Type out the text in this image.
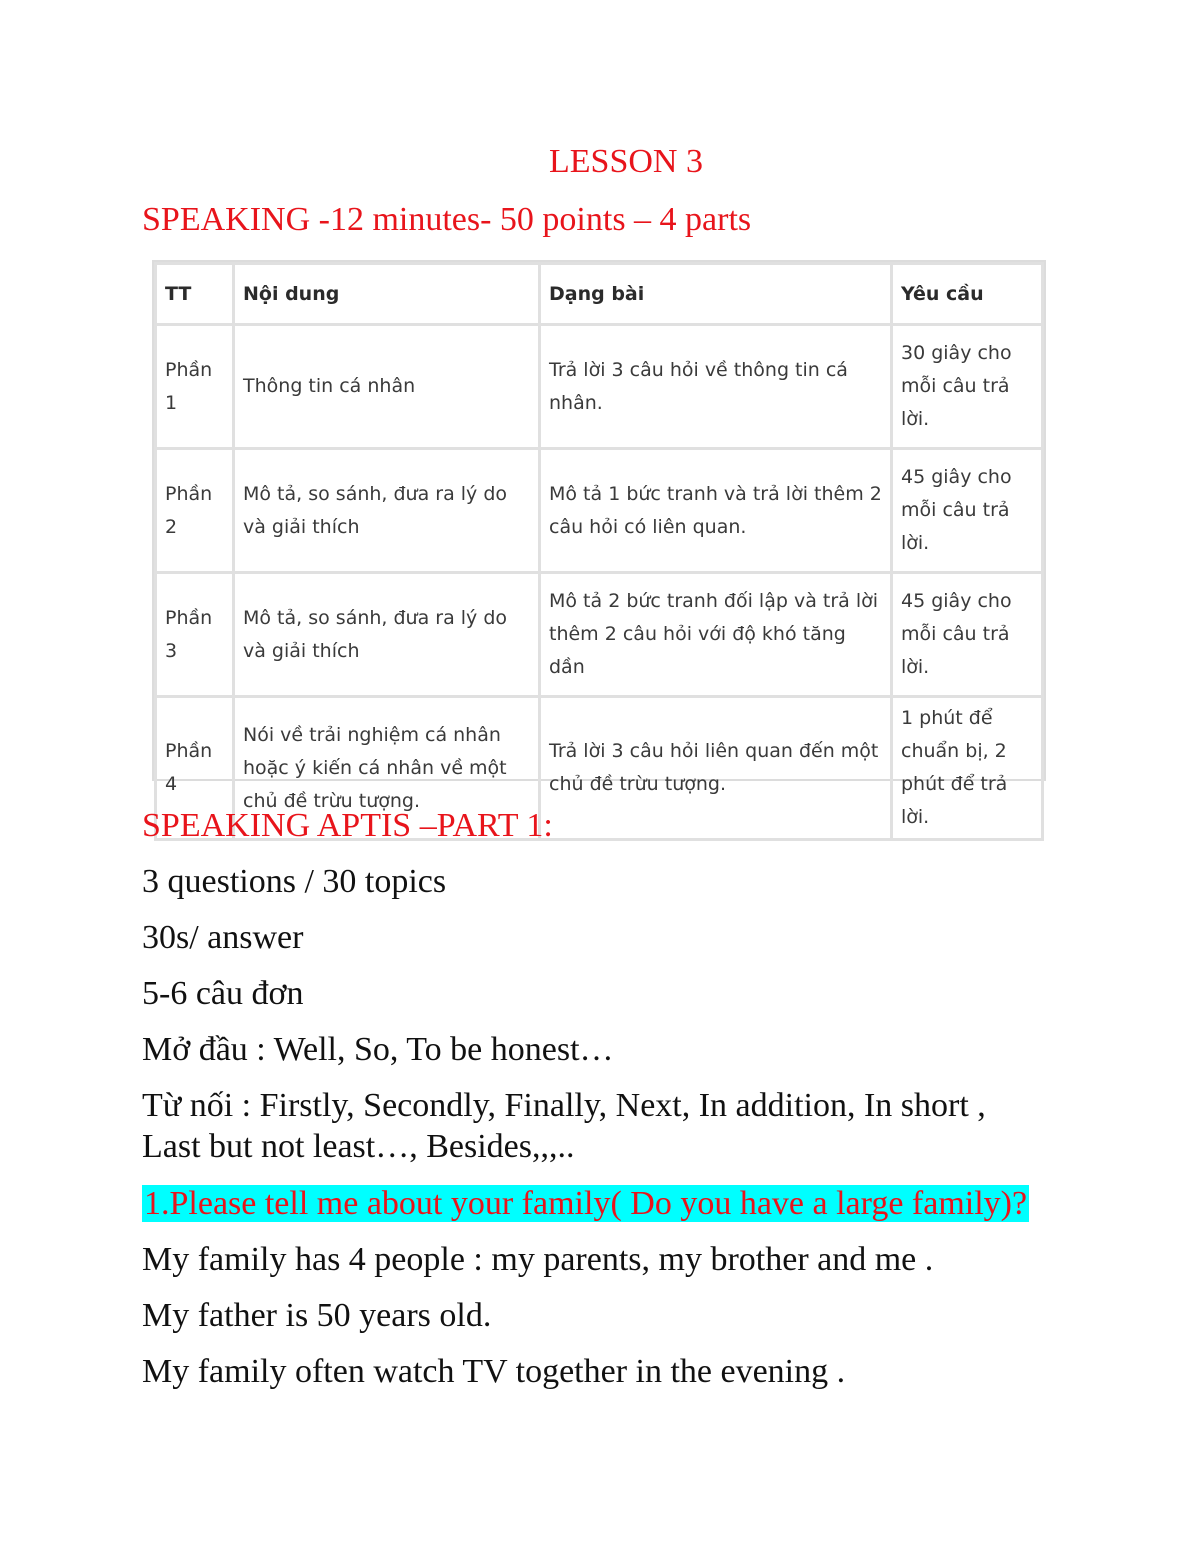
LESSON 3
SPEAKING -12 minutes- 50 points – 4 parts
TT	Nội dung	Dạng bài	Yêu cầu
Phần 1	Thông tin cá nhân	Trả lời 3 câu hỏi về thông tin cá nhân.	30 giây cho mỗi câu trả lời.
Phần 2	Mô tả, so sánh, đưa ra lý do và giải thích	Mô tả 1 bức tranh và trả lời thêm 2 câu hỏi có liên quan.	45 giây cho mỗi câu trả lời.
Phần 3	Mô tả, so sánh, đưa ra lý do và giải thích	Mô tả 2 bức tranh đối lập và trả lời thêm 2 câu hỏi với độ khó tăng dần	45 giây cho mỗi câu trả lời.
Phần 4	Nói về trải nghiệm cá nhân hoặc ý kiến cá nhân về một chủ đề trừu tượng.	Trả lời 3 câu hỏi liên quan đến một chủ đề trừu tượng.	1 phút để chuẩn bị, 2 phút để trả lời.
SPEAKING APTIS –PART 1:
3 questions / 30 topics
30s/ answer
5-6 câu đơn
Mở đầu : Well, So, To be honest…
Từ nối : Firstly, Secondly, Finally, Next, In addition, In short ,
Last but not least…, Besides,,,..
1.Please tell me about your family( Do you have a large family)?
My family has 4 people : my parents, my brother and me .
My father is 50 years old.
My family often watch TV together in the evening .
